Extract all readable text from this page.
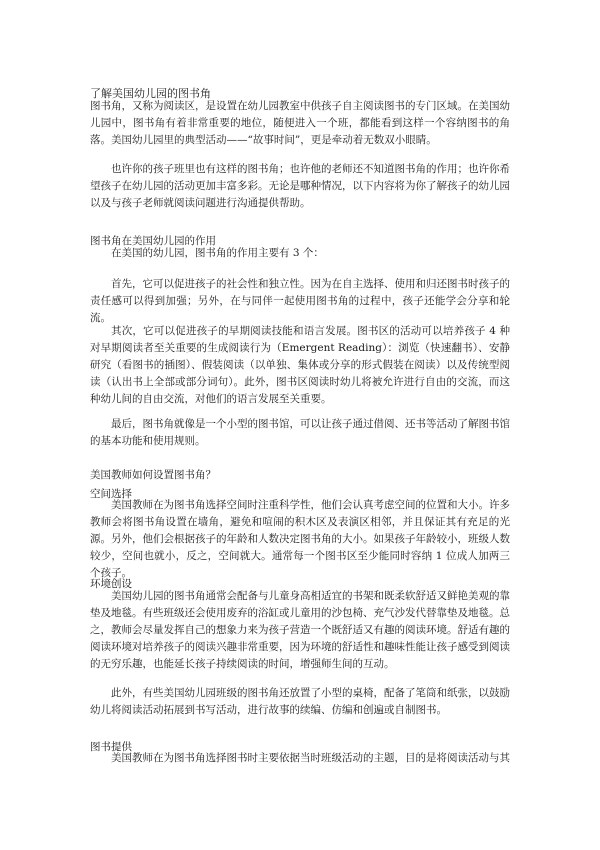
了解美国幼儿园的图书角

图书角，又称为阅读区，是设置在幼儿园教室中供孩子自主阅读图书的专门区域。在美国幼儿园中，图书角有着非常重要的地位，随便进入一个班，都能看到这样一个容纳图书的角落。美国幼儿园里的典型活动——“故事时间”，更是牵动着无数双小眼睛。

也许你的孩子班里也有这样的图书角；也许他的老师还不知道图书角的作用；也许你希望孩子在幼儿园的活动更加丰富多彩。无论是哪种情况，以下内容将为你了解孩子的幼儿园以及与孩子老师就阅读问题进行沟通提供帮助。

图书角在美国幼儿园的作用

在美国的幼儿园，图书角的作用主要有 3 个：

首先，它可以促进孩子的社会性和独立性。因为在自主选择、使用和归还图书时孩子的责任感可以得到加强；另外，在与同伴一起使用图书角的过程中，孩子还能学会分享和轮流。

其次，它可以促进孩子的早期阅读技能和语言发展。图书区的活动可以培养孩子 4 种对早期阅读者至关重要的生成阅读行为（Emergent Reading）：浏览（快速翻书）、安静研究（看图书的插图）、假装阅读（以单独、集体或分享的形式假装在阅读）以及传统型阅读（认出书上全部或部分词句）。此外，图书区阅读时幼儿将被允许进行自由的交流，而这种幼儿间的自由交流，对他们的语言发展至关重要。

最后，图书角就像是一个小型的图书馆，可以让孩子通过借阅、还书等活动了解图书馆的基本功能和使用规则。

美国教师如何设置图书角？
空间选择

美国教师在为图书角选择空间时注重科学性，他们会认真考虑空间的位置和大小。许多教师会将图书角设置在墙角，避免和喧闹的积木区及表演区相邻，并且保证其有充足的光源。另外，他们会根据孩子的年龄和人数决定图书角的大小。如果孩子年龄较小，班级人数较少，空间也就小，反之，空间就大。通常每一个图书区至少能同时容纳 1 位成人加两三个孩子。

环境创设

美国幼儿园的图书角通常会配备与儿童身高相适宜的书架和既柔软舒适又鲜艳美观的靠垫及地毯。有些班级还会使用废弃的浴缸或儿童用的沙包椅、充气沙发代替靠垫及地毯。总之，教师会尽量发挥自己的想象力来为孩子营造一个既舒适又有趣的阅读环境。舒适有趣的阅读环境对培养孩子的阅读兴趣非常重要，因为环境的舒适性和趣味性能让孩子感受到阅读的无穷乐趣，也能延长孩子持续阅读的时间，增强师生间的互动。

此外，有些美国幼儿园班级的图书角还放置了小型的桌椅，配备了笔筒和纸张，以鼓励幼儿将阅读活动拓展到书写活动，进行故事的续编、仿编和创遍或自制图书。

图书提供

美国教师在为图书角选择图书时主要依据当时班级活动的主题，目的是将阅读活动与其
